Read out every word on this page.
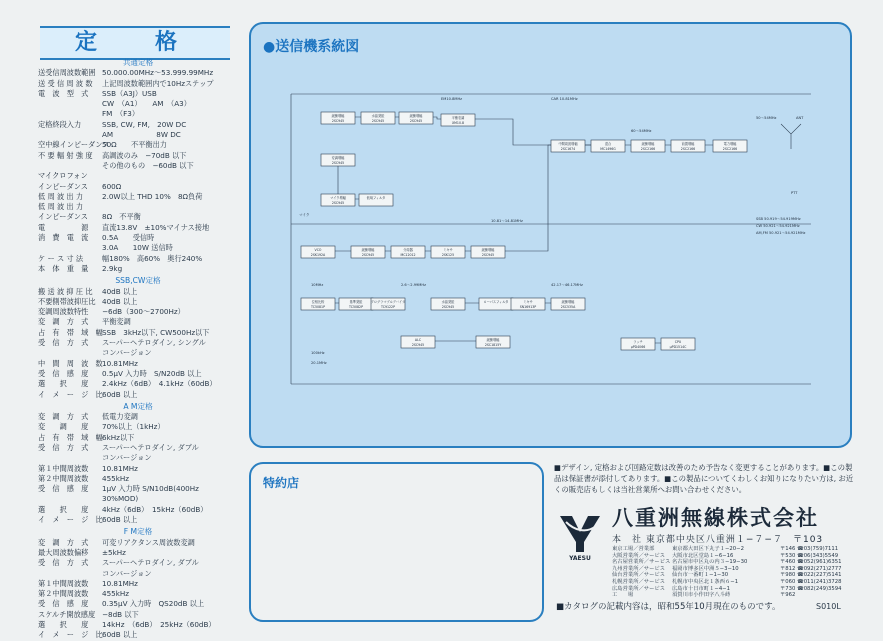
定　格
共通定格
送受信周波数範囲 50.000.00MHz〜53.999.99MHz
送 受 信 周 波 数	上記周波数範囲内で10Hzステップ
電　波　型　式	SSB（A3J）USB
CW　（A1）　　AM　（A3）
FM　（F3）
定格終段入力	SSB, CW, FM,　20W DC
AM　　　　　　8W DC
空中線インピーダンス
50Ω　　不平衡出力
不 要 輻 射 強 度	高調波のみ　−70dB 以下
その他のもの　−60dB 以下
マイクロフォン
インピーダンス	600Ω
低 周 波 出 力	2.0W以上 THD 10%　8Ω負荷
低 周 波 出 力
インピーダンス	8Ω　不平衡
電　　　　　源	直流13.8V　±10%マイナス接地
消　費　電　流	0.5A　　受信時
3.0A　　10W 送信時
ケ ー ス 寸 法	幅180%　高60%　奥行240%
本　体　重　量	2.9kg
SSB,CW定格
搬 送 波 抑 圧 比	40dB 以上
不要側帯波抑圧比 40dB 以上
変調周波数特性	−6dB（300〜2700Hz）
変　調　方　式	平衡変調
占　有　帯　域　幅 SSB　3kHz以下, CW500Hz以下
受　信　方　式	スーパーヘテロダイン, シングル
コンバージョン
中　間　周　波　数 10.81MHz
受　信　感　度	0.5μV 入力時　S/N20dB 以上
選　　択　　度	2.4kHz（6dB）　4.1kHz（60dB）
イ　メ　ー　ジ　比 60dB 以上
A M定格
変　調　方　式	低電力変調
変　　調　　度	70%以上（1kHz）
占　有　帯　域　幅 6kHz以下
受　信　方　式	スーパーヘテロダイン, ダブル
コンバージョン
第１中間周波数	10.81MHz
第２中間周波数	455kHz
受　信　感　度	1μV 入力時 S/N10dB(400Hz
30%MOD)
選　　択　　度	4kHz（6dB）　15kHz（60dB）
イ　メ　ー　ジ　比 60dB 以上
F M定格
変　調　方　式	可変リアクタンス周波数変調
最大周波数偏移	±5kHz
受　信　方　式	スーパーヘテロダイン, ダブル
コンバージョン
第１中間周波数	10.81MHz
第２中間周波数	455kHz
受　信　感　度	0.35μV 入力時　QS20dB 以上
スケルチ開放感度 −8dB 以下
選　　択　　度	14kHz　（6dB）　25kHz（60dB）
イ　メ　ー　ジ　比 60dB 以上
●送信機系統図
マイク増幅
2SC945
低域フィルタ
変調増幅
2SC945
平衡変調
XM10.8
緩衝増幅
2SC945
水晶発振
2SC945
緩衝増幅
2SC945
中間周波増幅
2SC1674
混合
MC1496G
緩衝増幅
2SC2166
前置増幅
2SC2166
電力増幅
2SC2166
VCO
2SK192A
緩衝増幅
2SC945
分周器
MC12012
位相比較
TC5081P
基準発振
TC5082P
プログラマブルデバイダ
TC9122P
ミキサ
2SK125
水晶発振
2SC945
緩衝増幅
2SC945
ローパスフィルタ
CPU
μPD1514C
ラッチ
μPD4066
ミキサ
SN16913P
緩衝増幅
2SC535A
ALC
2SC945
緩衝増幅
2SC1815Y
EM10.8MHz	CAR 10.81MHz
60〜54MHz
50〜54MHz
SSB 50.919〜54.919MHz
CW 50.921〜54.921MHz
AM,FM 50.921〜54.921MHz
10.81〜14.81MHz
10MHz
100kHz
2.6〜2.99MHz	42.17〜46.17MHz
20.1MHz
マイク
PTT
ANT
特約店
■デザイン, 定格および回路定数は改善のため予告なく変更することがあります。■この製品は保証書が添付してあります。■この製品についてくわしくお知りになりたい方は, お近くの販売店もしくは当社営業所へお問い合わせください。
YAESU
八重洲無線株式会社
本　 社 東京都中央区八重洲１−７−７　〒103
東京工場／営業部	東京都大田区下丸子１−20−2	〒146 ☎03(759)7111
大阪営業所／サービス	大阪市北区堂島１−6−16	〒530 ☎06(343)5549
名古屋営業所／サービス 名古屋市中区丸の内３−19−30	〒460 ☎052(961)6351
九州営業所／サービス	福岡市博多区中洲５−3−10	〒812 ☎092(271)2777
仙台営業所／サービス	仙台市一番町１−1−30	〒980 ☎022(227)5141
札幌営業所／サービス	札幌市中央区北１条西６−1	〒060 ☎011(241)3728
広島営業所／サービス	広島市十日市町１−4−1	〒730 ☎082(249)3594
工　　場	須賀川市小作田字八斗蒔	〒962
■カタログの記載内容は，昭和55年10月現在のものです。	S010L
